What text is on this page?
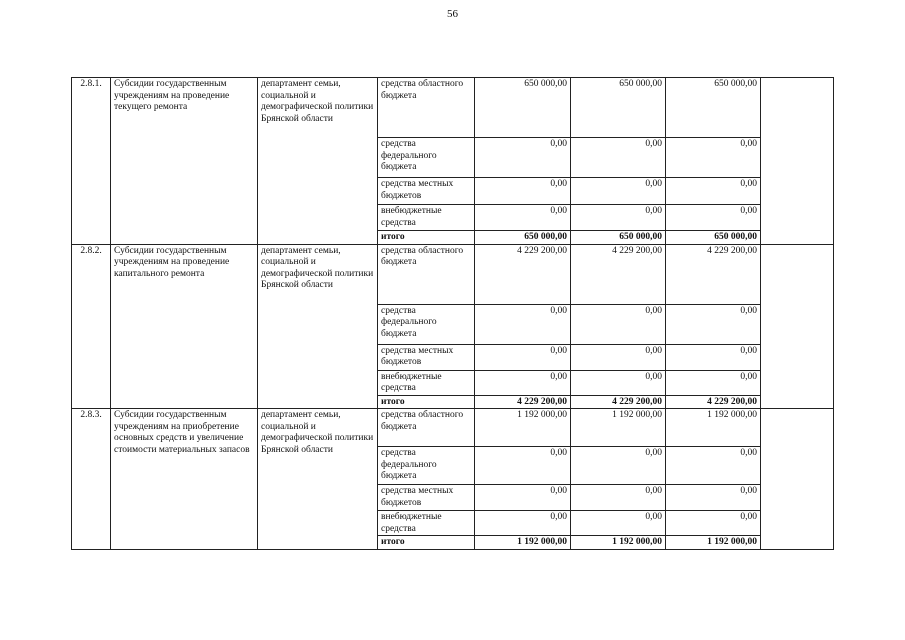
56
2.8.1.	Субсидии государственным учреждениям на проведение текущего ремонта	департамент семьи, социальной и демографической политики Брянской области	средства областного бюджета	650 000,00	650 000,00	650 000,00	
			средства федерального бюджета	0,00	0,00	0,00	
			средства местных бюджетов	0,00	0,00	0,00	
			внебюджетные средства	0,00	0,00	0,00	
			итого	650 000,00	650 000,00	650 000,00	
2.8.2.	Субсидии государственным учреждениям на проведение капитального ремонта	департамент семьи, социальной и демографической политики Брянской области	средства областного бюджета	4 229 200,00	4 229 200,00	4 229 200,00	
			средства федерального бюджета	0,00	0,00	0,00	
			средства местных бюджетов	0,00	0,00	0,00	
			внебюджетные средства	0,00	0,00	0,00	
			итого	4 229 200,00	4 229 200,00	4 229 200,00	
2.8.3.	Субсидии государственным учреждениям на приобретение основных средств и увеличение стоимости материальных запасов	департамент семьи, социальной и демографической политики Брянской области	средства областного бюджета	1 192 000,00	1 192 000,00	1 192 000,00	
			средства федерального бюджета	0,00	0,00	0,00	
			средства местных бюджетов	0,00	0,00	0,00	
			внебюджетные средства	0,00	0,00	0,00	
			итого	1 192 000,00	1 192 000,00	1 192 000,00	
